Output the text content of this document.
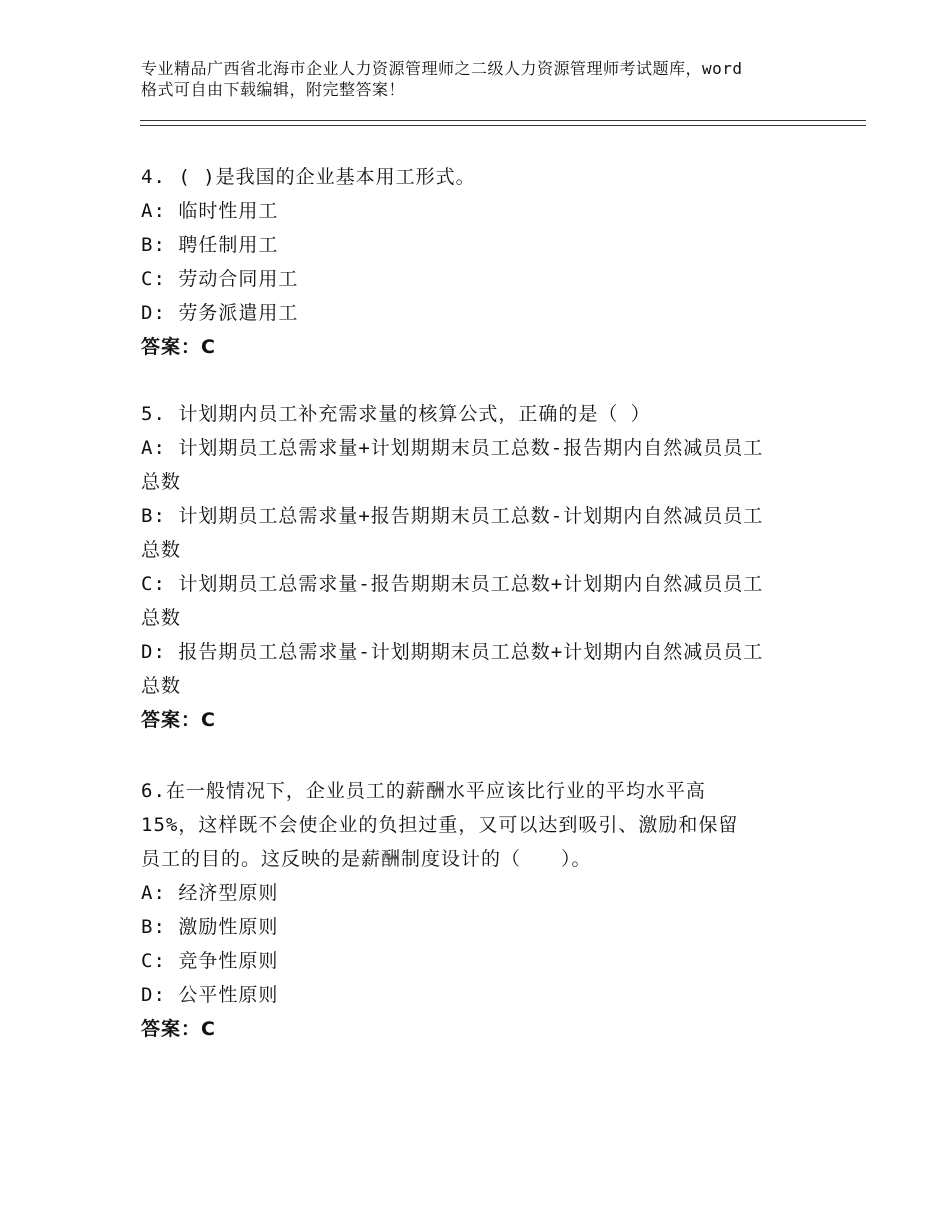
专业精品广西省北海市企业人力资源管理师之二级人力资源管理师考试题库，word
格式可自由下载编辑，附完整答案！
4. ( )是我国的企业基本用工形式。
A: 临时性用工
B: 聘任制用工
C: 劳动合同用工
D: 劳务派遣用工
答案：C
5. 计划期内员工补充需求量的核算公式，正确的是（ ）
A: 计划期员工总需求量+计划期期末员工总数-报告期内自然减员员工
总数
B: 计划期员工总需求量+报告期期末员工总数-计划期内自然减员员工
总数
C: 计划期员工总需求量-报告期期末员工总数+计划期内自然减员员工
总数
D: 报告期员工总需求量-计划期期末员工总数+计划期内自然减员员工
总数
答案：C
6.在一般情况下，企业员工的薪酬水平应该比行业的平均水平高
15%，这样既不会使企业的负担过重，又可以达到吸引、激励和保留
员工的目的。这反映的是薪酬制度设计的（　　）。
A: 经济型原则
B: 激励性原则
C: 竞争性原则
D: 公平性原则
答案：C
